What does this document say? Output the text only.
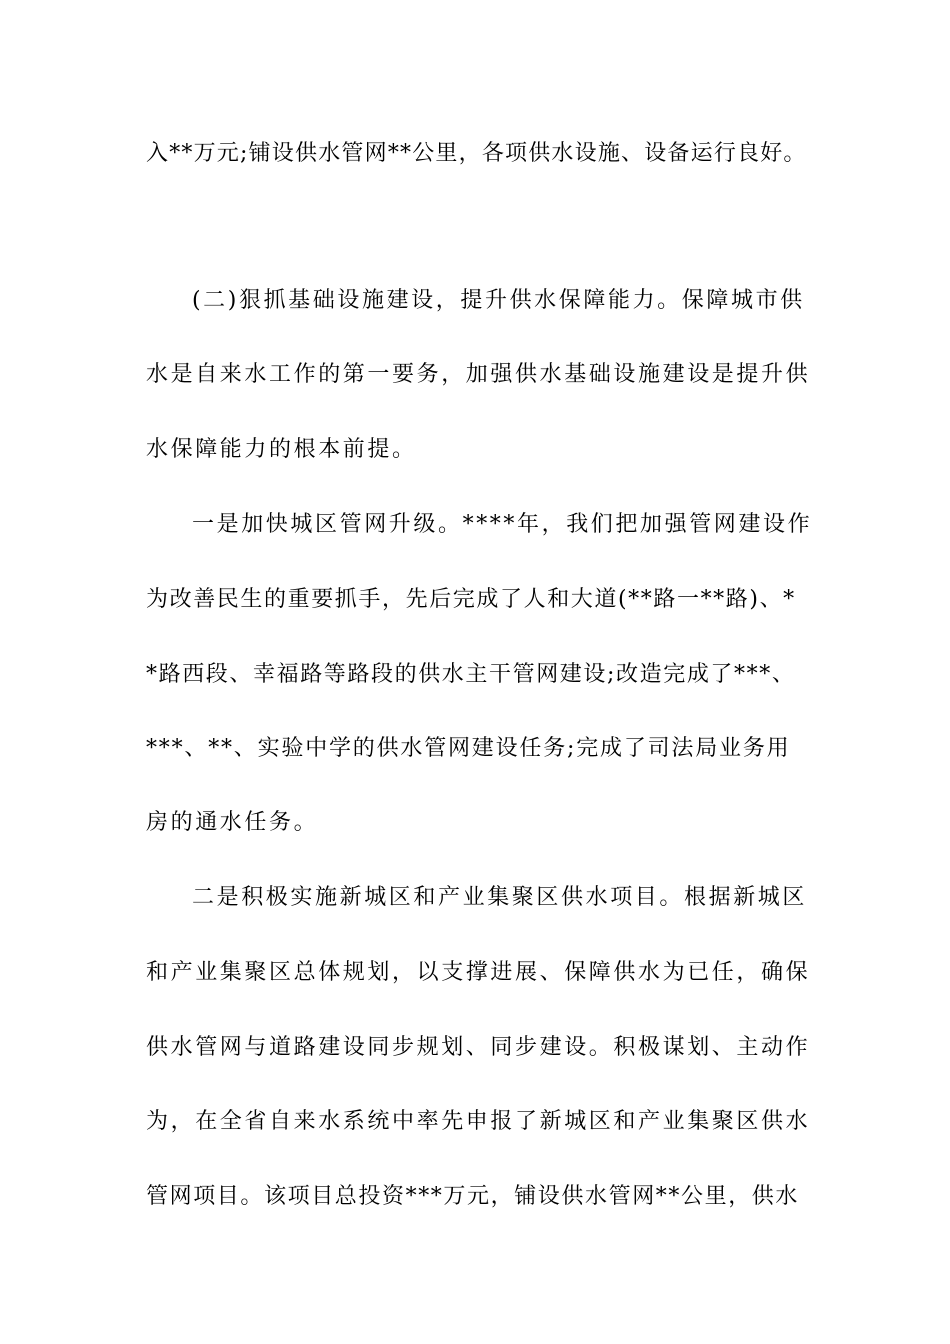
入**万元;铺设供水管网**公里，各项供水设施、设备运行良好。
(二)狠抓基础设施建设，提升供水保障能力。保障城市供
水是自来水工作的第一要务，加强供水基础设施建设是提升供
水保障能力的根本前提。
一是加快城区管网升级。****年，我们把加强管网建设作
为改善民生的重要抓手，先后完成了人和大道(**路一**路)、*
*路西段、幸福路等路段的供水主干管网建设;改造完成了***、
***、**、实验中学的供水管网建设任务;完成了司法局业务用
房的通水任务。
二是积极实施新城区和产业集聚区供水项目。根据新城区
和产业集聚区总体规划，以支撑进展、保障供水为已任，确保
供水管网与道路建设同步规划、同步建设。积极谋划、主动作
为，在全省自来水系统中率先申报了新城区和产业集聚区供水
管网项目。该项目总投资***万元，铺设供水管网**公里，供水
